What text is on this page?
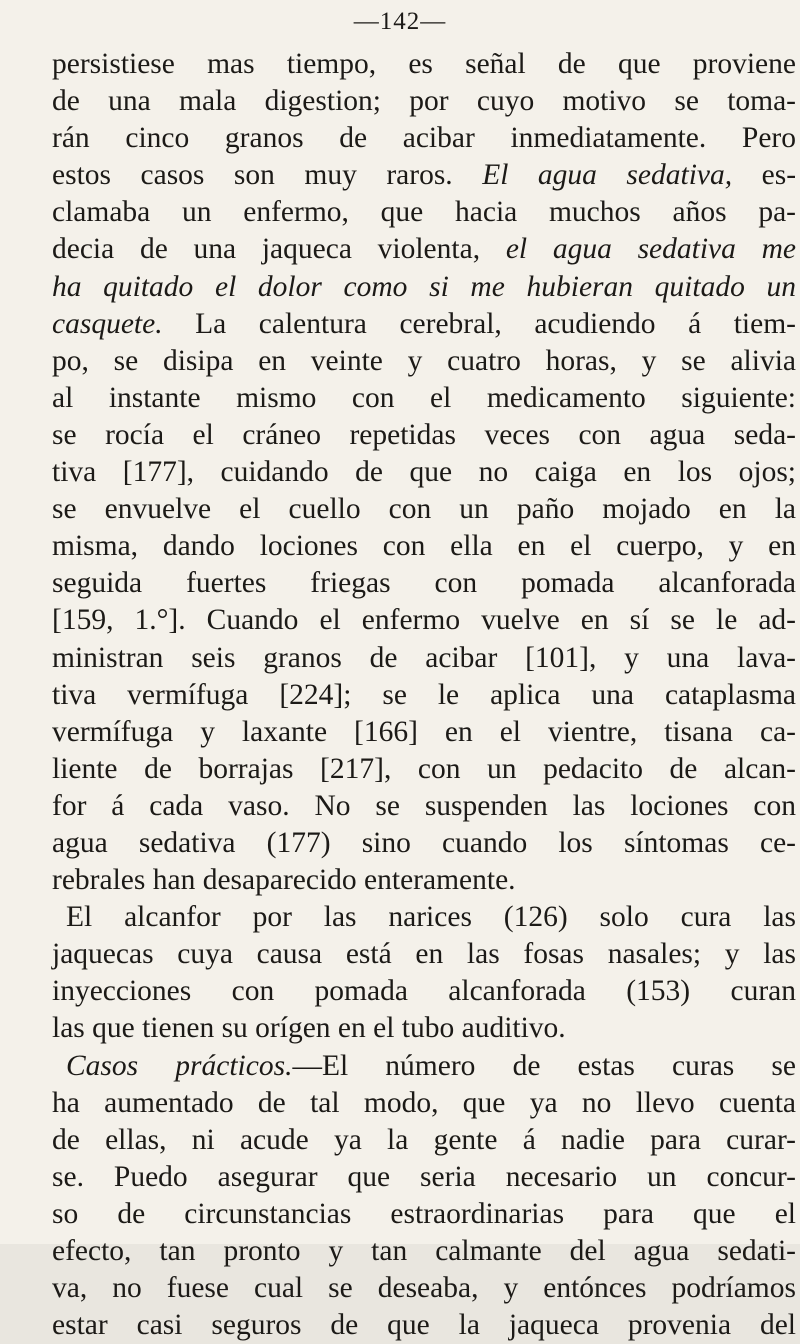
—142—
persistiese mas tiempo, es señal de que proviene
de una mala digestion; por cuyo motivo se toma-
rán cinco granos de acibar inmediatamente. Pero
estos casos son muy raros. El agua sedativa, es-
clamaba un enfermo, que hacia muchos años pa-
decia de una jaqueca violenta, el agua sedativa me
ha quitado el dolor como si me hubieran quitado un
casquete. La calentura cerebral, acudiendo á tiem-
po, se disipa en veinte y cuatro horas, y se alivia
al instante mismo con el medicamento siguiente:
se rocía el cráneo repetidas veces con agua seda-
tiva [177], cuidando de que no caiga en los ojos;
se envuelve el cuello con un paño mojado en la
misma, dando lociones con ella en el cuerpo, y en
seguida fuertes friegas con pomada alcanforada
[159, 1.°]. Cuando el enfermo vuelve en sí se le ad-
ministran seis granos de acibar [101], y una lava-
tiva vermífuga [224]; se le aplica una cataplasma
vermífuga y laxante [166] en el vientre, tisana ca-
liente de borrajas [217], con un pedacito de alcan-
for á cada vaso. No se suspenden las lociones con
agua sedativa (177) sino cuando los síntomas ce-
rebrales han desaparecido enteramente.
El alcanfor por las narices (126) solo cura las
jaquecas cuya causa está en las fosas nasales; y las
inyecciones con pomada alcanforada (153) curan
las que tienen su orígen en el tubo auditivo.
Casos prácticos.—El número de estas curas se
ha aumentado de tal modo, que ya no llevo cuenta
de ellas, ni acude ya la gente á nadie para curar-
se. Puedo asegurar que seria necesario un concur-
so de circunstancias estraordinarias para que el
efecto, tan pronto y tan calmante del agua sedati-
va, no fuese cual se deseaba, y entónces podríamos
estar casi seguros de que la jaqueca provenia del
